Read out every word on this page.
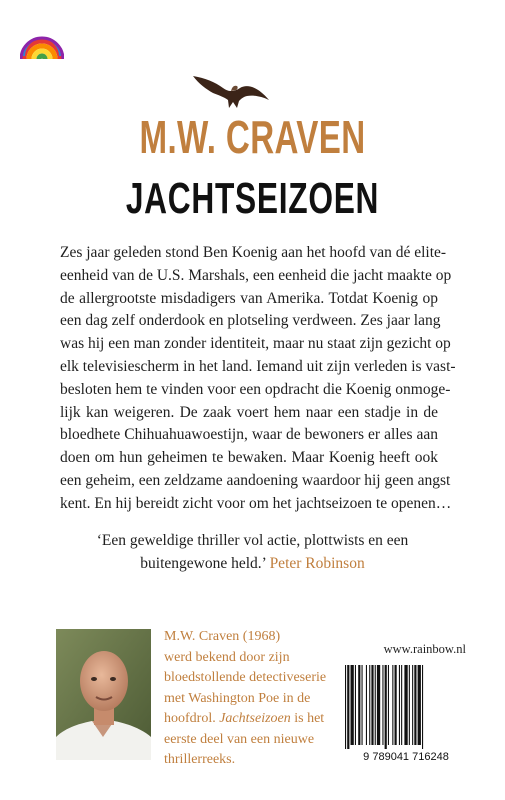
M.W. CRAVEN
JACHTSEIZOEN
Zes jaar geleden stond Ben Koenig aan het hoofd van dé elite-
eenheid van de U.S. Marshals, een eenheid die jacht maakte op
de allergrootste misdadigers van Amerika. Totdat Koenig op
een dag zelf onderdook en plotseling verdween. Zes jaar lang
was hij een man zonder identiteit, maar nu staat zijn gezicht op
elk televisiescherm in het land. Iemand uit zijn verleden is vast-
besloten hem te vinden voor een opdracht die Koenig onmoge-
lijk kan weigeren. De zaak voert hem naar een stadje in de
bloedhete Chihuahuawoestijn, waar de bewoners er alles aan
doen om hun geheimen te bewaken. Maar Koenig heeft ook
een geheim, een zeldzame aandoening waardoor hij geen angst
kent. En hij bereidt zicht voor om het jachtseizoen te openen…
‘Een geweldige thriller vol actie, plottwists en een
buitengewone held.’ Peter Robinson
M.W. Craven (1968)
werd bekend door zijn
bloedstollende detectiveserie
met Washington Poe in de
hoofdrol. Jachtseizoen is het
eerste deel van een nieuwe
thrillerreeks.
www.rainbow.nl
9 789041 716248
